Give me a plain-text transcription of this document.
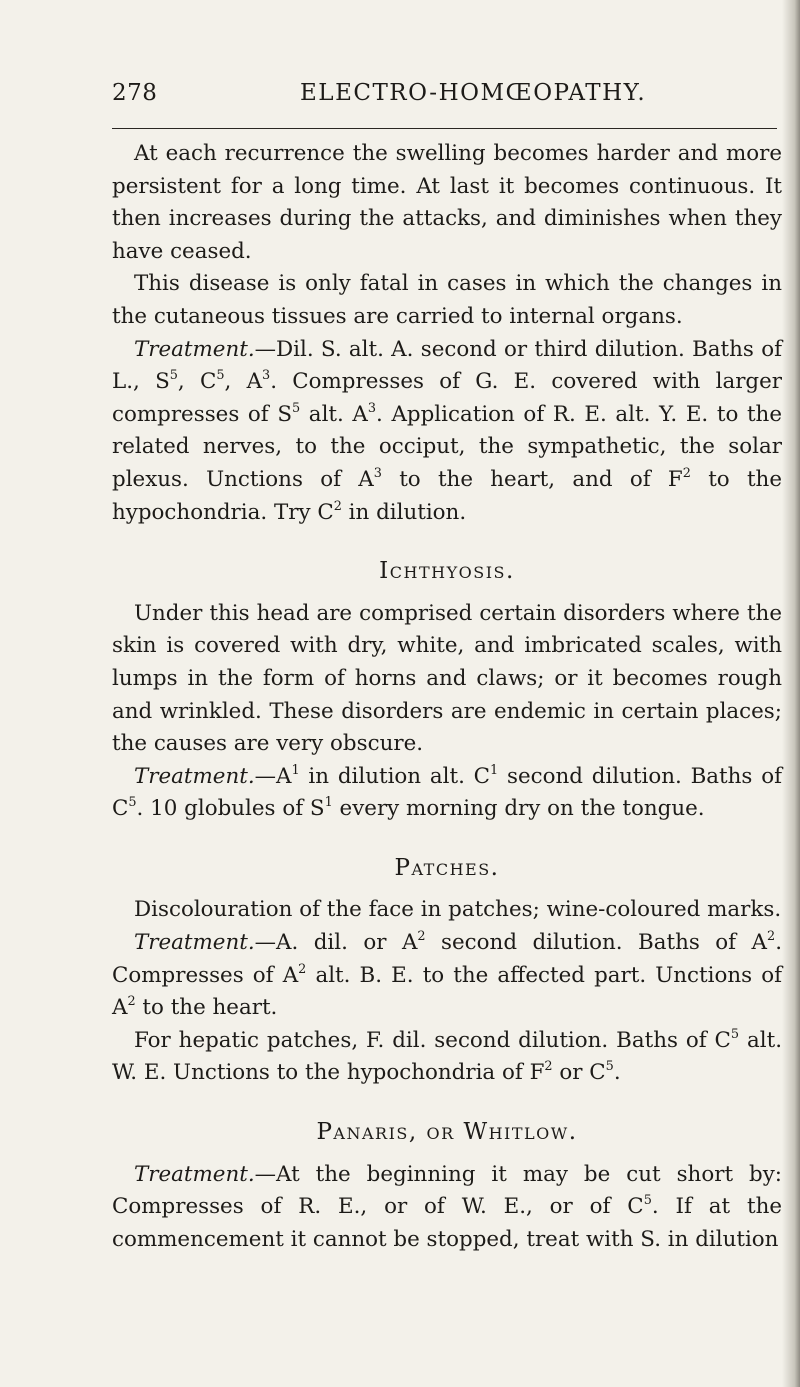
278	ELECTRO-HOMŒOPATHY.

At each recurrence the swelling becomes harder and more persistent for a long time. At last it becomes continuous. It then increases during the attacks, and diminishes when they have ceased.

This disease is only fatal in cases in which the changes in the cutaneous tissues are carried to internal organs.

Treatment.—Dil. S. alt. A. second or third dilution. Baths of L., $S^5$, $C^5$, $A^3$. Compresses of G. E. covered with larger compresses of $S^5$ alt. $A^3$. Application of R. E. alt. Y. E. to the related nerves, to the occiput, the sympathetic, the solar plexus. Unctions of $A^3$ to the heart, and of $F^2$ to the hypochondria. Try $C^2$ in dilution.

Ichthyosis.

Under this head are comprised certain disorders where the skin is covered with dry, white, and imbricated scales, with lumps in the form of horns and claws; or it becomes rough and wrinkled. These disorders are endemic in certain places; the causes are very obscure.

$Treatment.—A^1$ in dilution alt. $C^1$ second dilution. Baths of $C^5$. 10 globules of $S^1$ every morning dry on the tongue.

Patches.

Discolouration of the face in patches; wine-coloured marks.

Treatment.—A. dil. or $A^2$ second dilution. Baths of $A^2$. Compresses of $A^2$ alt. B. E. to the affected part. Unctions of $A^2$ to the heart.

For hepatic patches, F. dil. second dilution. Baths of $C^5$ alt. W. E. Unctions to the hypochondria of $F^2$ or $C^5$.

Panaris, or Whitlow.

Treatment.—At the beginning it may be cut short by: Compresses of R. E., or of W. E., or of $C^5$. If at the commencement it cannot be stopped, treat with S. in dilution
